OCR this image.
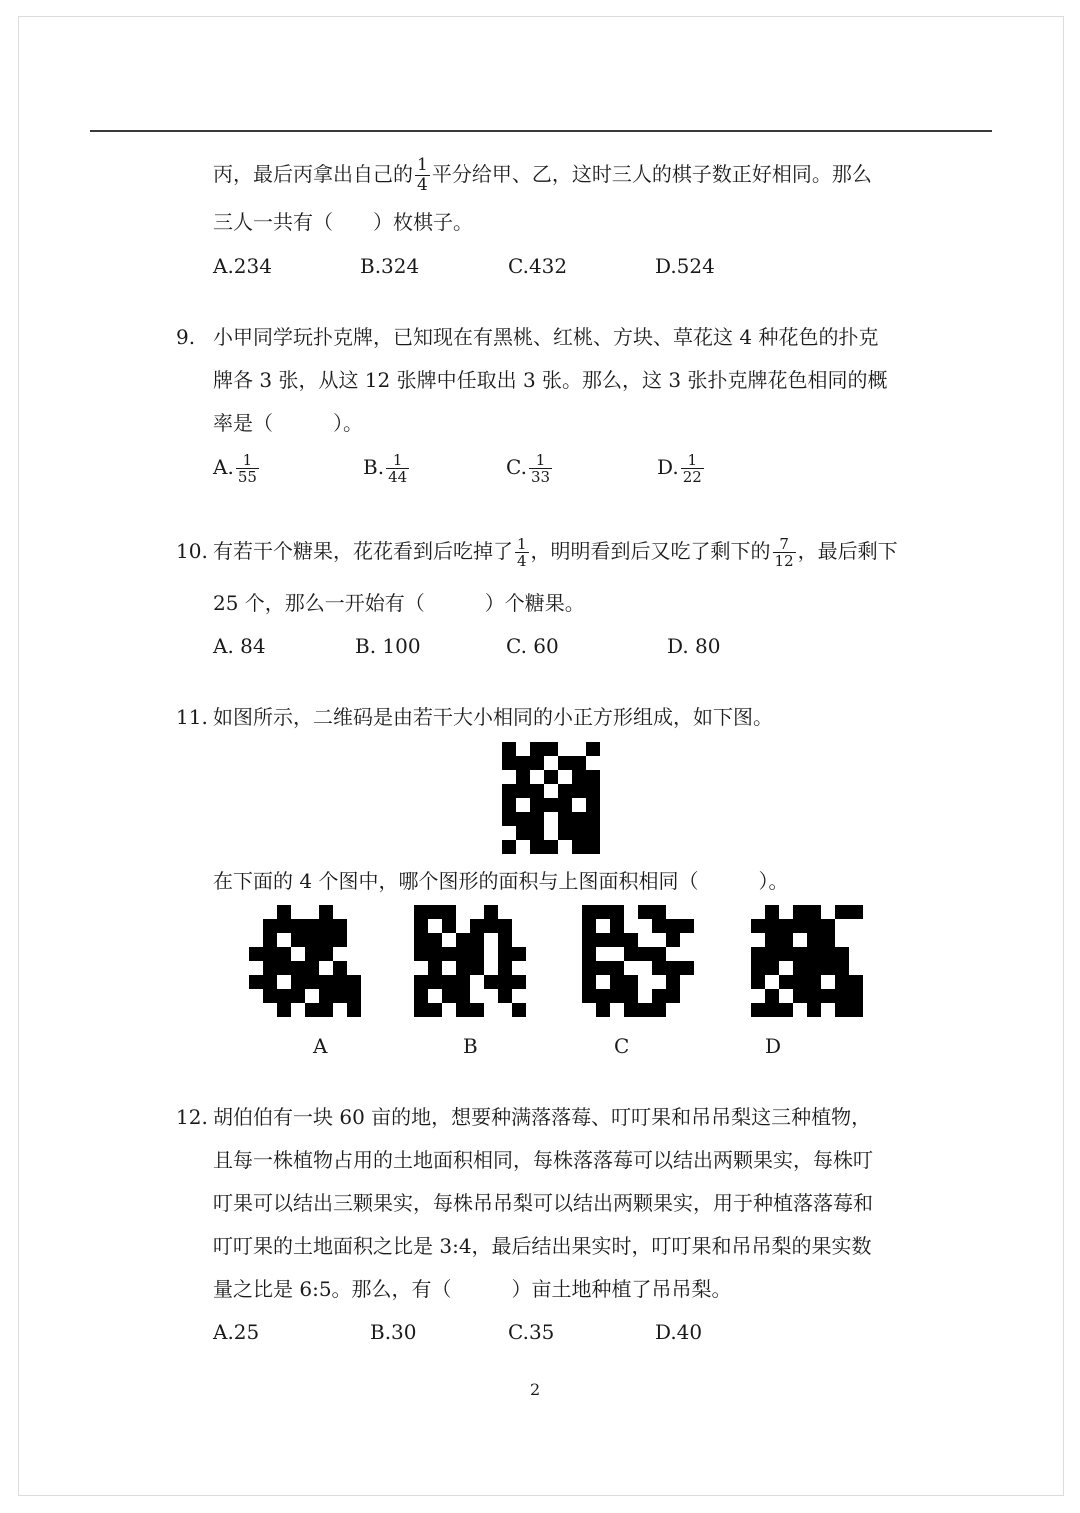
丙，最后丙拿出自己的 $\frac{1}{4}$ 平分给甲、乙，这时三人的棋子数正好相同。那么
三人一共有（　　）枚棋子。
A.234	B.324	C.432	D.524
9. 小甲同学玩扑克牌，已知现在有黑桃、红桃、方块、草花这 4 种花色的扑克
牌各 3 张，从这 12 张牌中任取出 3 张。那么，这 3 张扑克牌花色相同的概
率是（　　　）。
A. $\frac{1}{55}$	B. $\frac{1}{44}$	C. $\frac{1}{33}$	D. $\frac{1}{22}$
10. 有若干个糖果，花花看到后吃掉了 $\frac{1}{4}$ ，明明看到后又吃了剩下的 $\frac{7}{12}$ ，最后剩下
25 个，那么一开始有（　　　）个糖果。
A. 84	B. 100	C. 60	D. 80
11. 如图所示，二维码是由若干大小相同的小正方形组成，如下图。
在下面的 4 个图中，哪个图形的面积与上图面积相同（　　　）。
A	B	C	D
12. 胡伯伯有一块 60 亩的地，想要种满落落莓、叮叮果和吊吊梨这三种植物，
且每一株植物占用的土地面积相同，每株落落莓可以结出两颗果实，每株叮
叮果可以结出三颗果实，每株吊吊梨可以结出两颗果实，用于种植落落莓和
叮叮果的土地面积之比是 3:4，最后结出果实时，叮叮果和吊吊梨的果实数
量之比是 6:5。那么，有（　　　）亩土地种植了吊吊梨。
A.25	B.30	C.35	D.40
2
